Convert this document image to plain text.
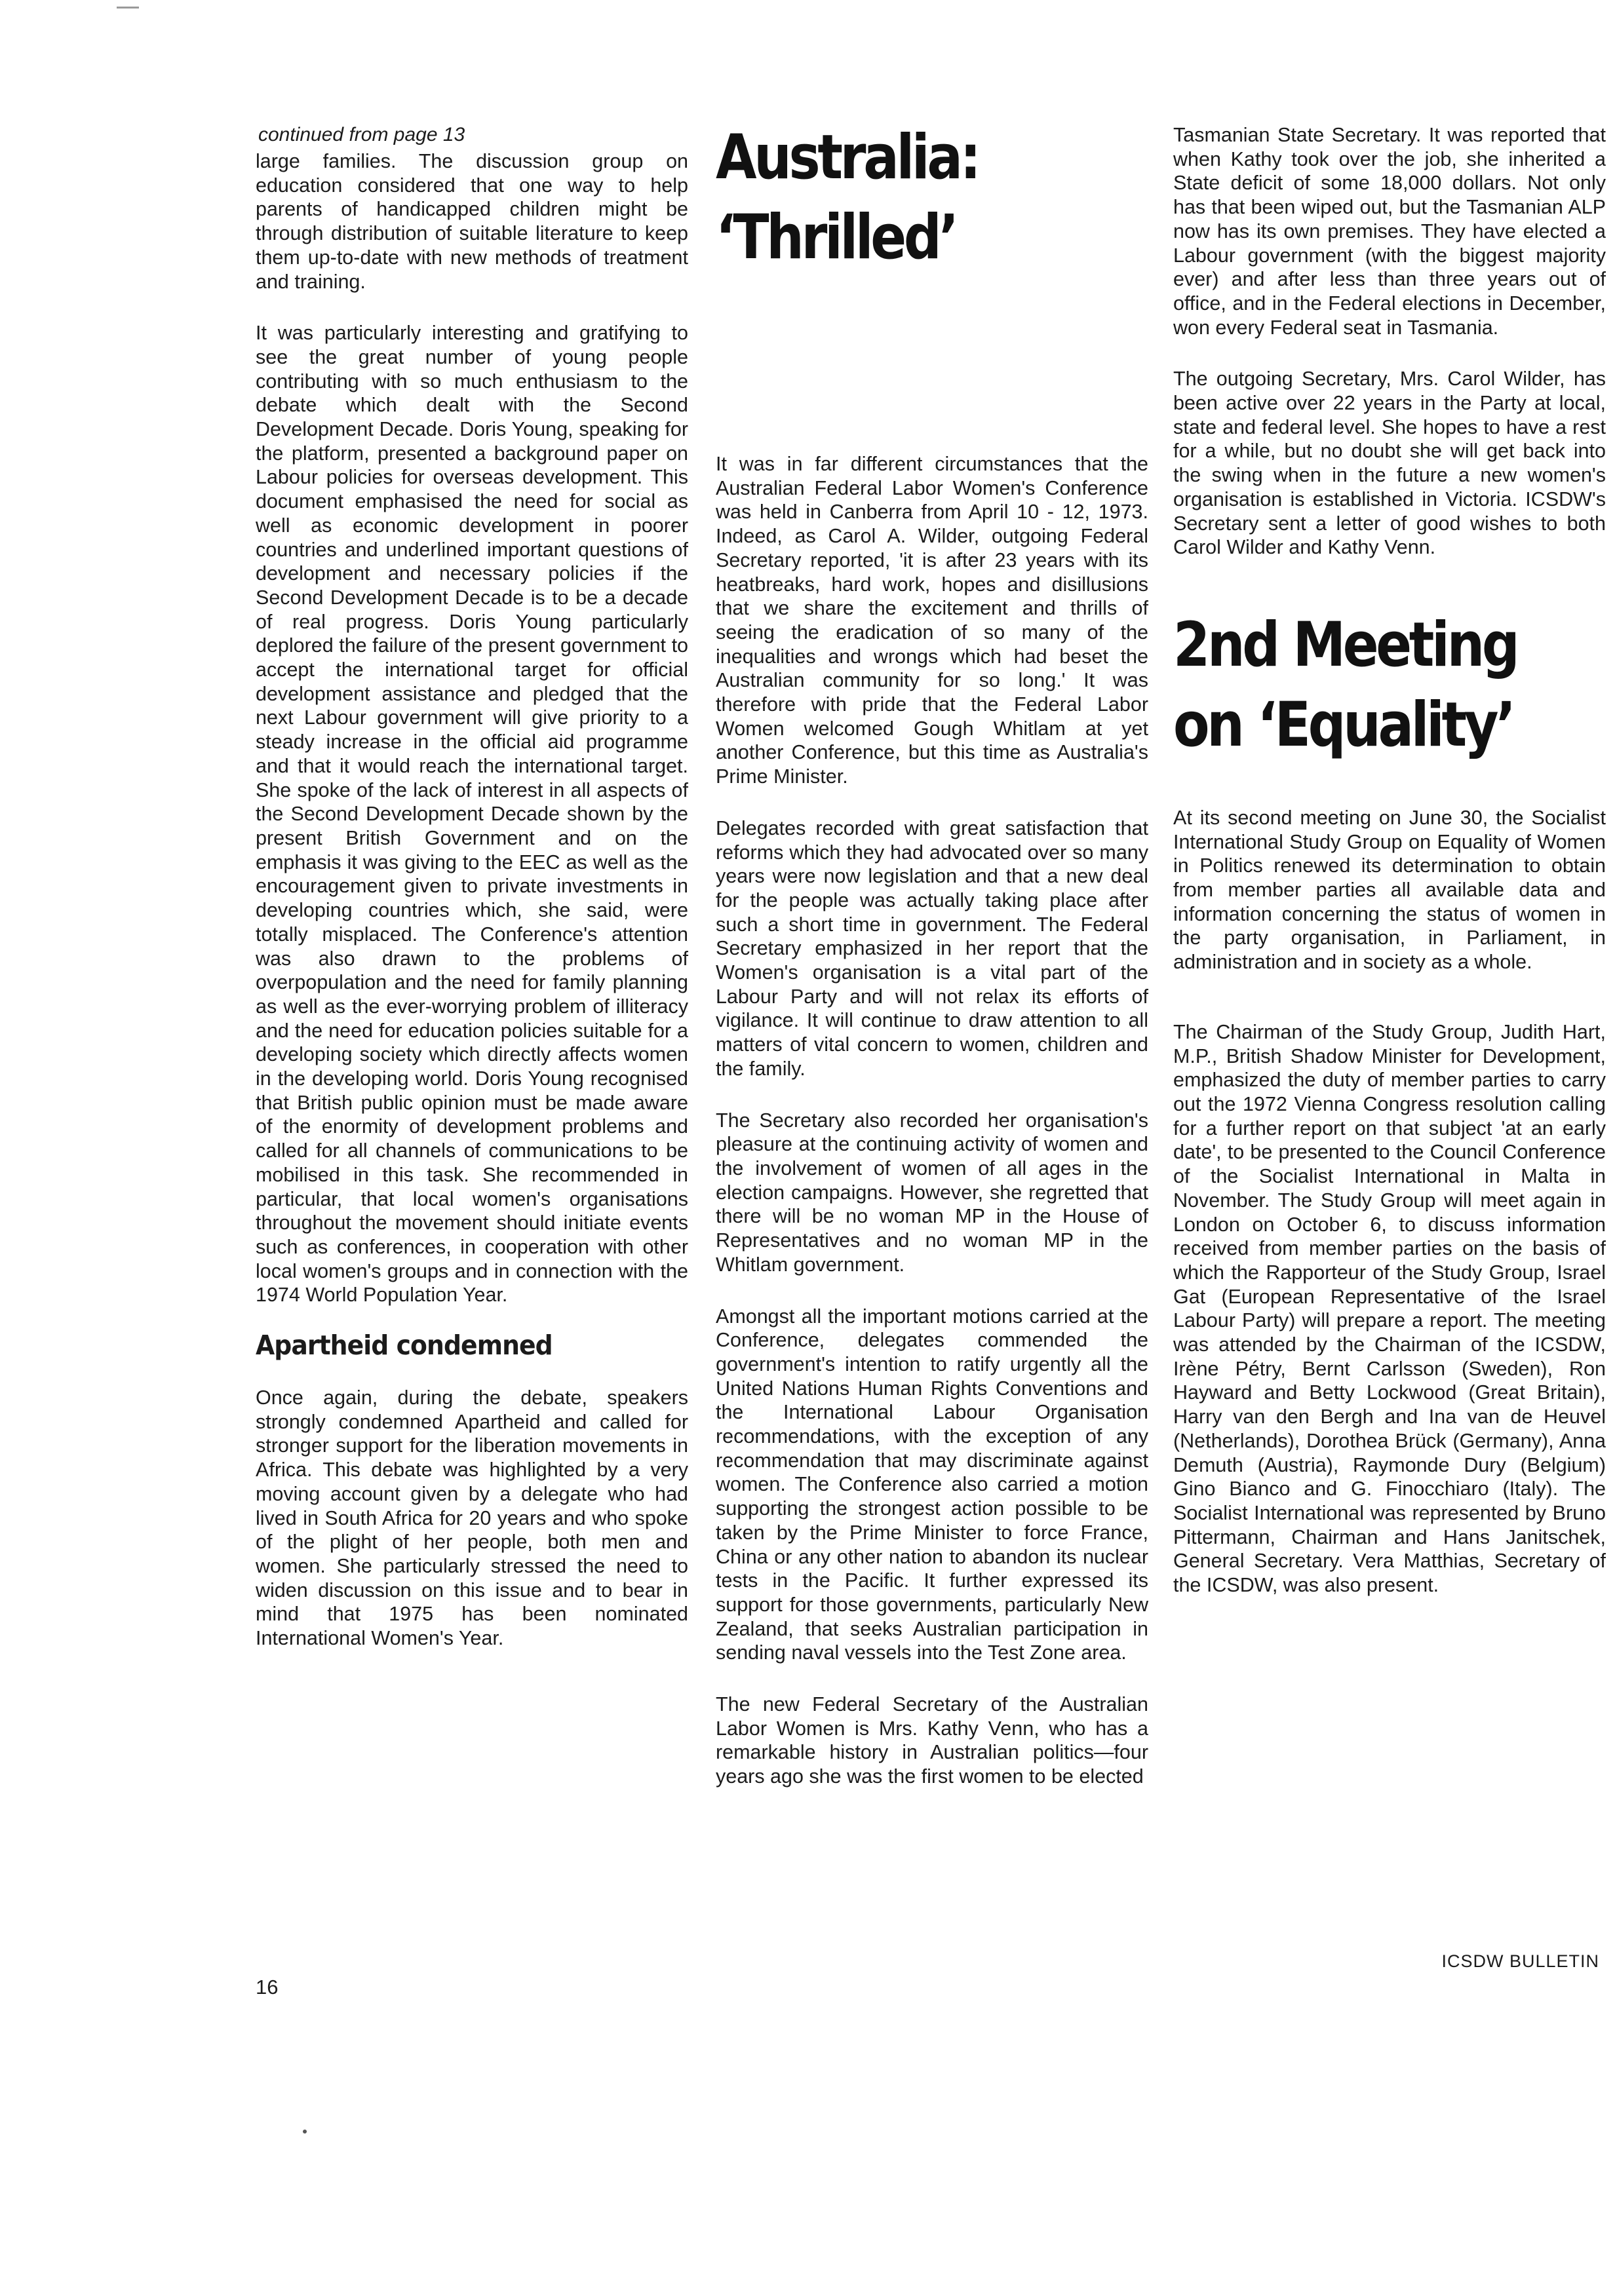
continued from page 13

large families. The discussion group on education considered that one way to help parents of handicapped children might be through distribution of suitable literature to keep them up-to-date with new methods of treatment and training.

It was particularly interesting and gratifying to see the great number of young people contributing with so much enthusiasm to the debate which dealt with the Second Development Decade. Doris Young, speaking for the platform, presented a background paper on Labour policies for overseas development. This document emphasised the need for social as well as economic development in poorer countries and underlined important questions of development and necessary policies if the Second Development Decade is to be a decade of real progress. Doris Young particularly deplored the failure of the present government to accept the international target for official development assistance and pledged that the next Labour government will give priority to a steady increase in the official aid programme and that it would reach the international target. She spoke of the lack of interest in all aspects of the Second Development Decade shown by the present British Government and on the emphasis it was giving to the EEC as well as the encouragement given to private investments in developing countries which, she said, were totally misplaced. The Conference's attention was also drawn to the problems of overpopulation and the need for family planning as well as the ever-worrying problem of illiteracy and the need for education policies suitable for a developing society which directly affects women in the developing world. Doris Young recognised that British public opinion must be made aware of the enormity of development problems and called for all channels of communications to be mobilised in this task. She recommended in particular, that local women's organisations throughout the movement should initiate events such as conferences, in cooperation with other local women's groups and in connection with the 1974 World Population Year.

Apartheid condemned

Once again, during the debate, speakers strongly condemned Apartheid and called for stronger support for the liberation movements in Africa. This debate was highlighted by a very moving account given by a delegate who had lived in South Africa for 20 years and who spoke of the plight of her people, both men and women. She particularly stressed the need to widen discussion on this issue and to bear in mind that 1975 has been nominated International Women's Year.

Australia:
‘Thrilled’

It was in far different circumstances that the Australian Federal Labor Women's Conference was held in Canberra from April 10 - 12, 1973. Indeed, as Carol A. Wilder, outgoing Federal Secretary reported, 'it is after 23 years with its heatbreaks, hard work, hopes and disillusions that we share the excitement and thrills of seeing the eradication of so many of the inequalities and wrongs which had beset the Australian community for so long.' It was therefore with pride that the Federal Labor Women welcomed Gough Whitlam at yet another Conference, but this time as Australia's Prime Minister.

Delegates recorded with great satisfaction that reforms which they had advocated over so many years were now legislation and that a new deal for the people was actually taking place after such a short time in government. The Federal Secretary emphasized in her report that the Women's organisation is a vital part of the Labour Party and will not relax its efforts of vigilance. It will continue to draw attention to all matters of vital concern to women, children and the family.

The Secretary also recorded her organisation's pleasure at the continuing activity of women and the involvement of women of all ages in the election campaigns. However, she regretted that there will be no woman MP in the House of Representatives and no woman MP in the Whitlam government.

Amongst all the important motions carried at the Conference, delegates commended the government's intention to ratify urgently all the United Nations Human Rights Conventions and the International Labour Organisation recommendations, with the exception of any recommendation that may discriminate against women. The Conference also carried a motion supporting the strongest action possible to be taken by the Prime Minister to force France, China or any other nation to abandon its nuclear tests in the Pacific. It further expressed its support for those governments, particularly New Zealand, that seeks Australian participation in sending naval vessels into the Test Zone area.

The new Federal Secretary of the Australian Labor Women is Mrs. Kathy Venn, who has a remarkable history in Australian politics—four years ago she was the first women to be elected

Tasmanian State Secretary. It was reported that when Kathy took over the job, she inherited a State deficit of some 18,000 dollars. Not only has that been wiped out, but the Tasmanian ALP now has its own premises. They have elected a Labour government (with the biggest majority ever) and after less than three years out of office, and in the Federal elections in December, won every Federal seat in Tasmania.

The outgoing Secretary, Mrs. Carol Wilder, has been active over 22 years in the Party at local, state and federal level. She hopes to have a rest for a while, but no doubt she will get back into the swing when in the future a new women's organisation is established in Victoria. ICSDW's Secretary sent a letter of good wishes to both Carol Wilder and Kathy Venn.

2nd Meeting
on ‘Equality’

At its second meeting on June 30, the Socialist International Study Group on Equality of Women in Politics renewed its determination to obtain from member parties all available data and information concerning the status of women in the party organisation, in Parliament, in administration and in society as a whole.

The Chairman of the Study Group, Judith Hart, M.P., British Shadow Minister for Development, emphasized the duty of member parties to carry out the 1972 Vienna Congress resolution calling for a further report on that subject 'at an early date', to be presented to the Council Conference of the Socialist International in Malta in November. The Study Group will meet again in London on October 6, to discuss information received from member parties on the basis of which the Rapporteur of the Study Group, Israel Gat (European Representative of the Israel Labour Party) will prepare a report. The meeting was attended by the Chairman of the ICSDW, Irène Pétry, Bernt Carlsson (Sweden), Ron Hayward and Betty Lockwood (Great Britain), Harry van den Bergh and Ina van de Heuvel (Netherlands), Dorothea Brück (Germany), Anna Demuth (Austria), Raymonde Dury (Belgium) Gino Bianco and G. Finocchiaro (Italy). The Socialist International was represented by Bruno Pittermann, Chairman and Hans Janitschek, General Secretary. Vera Matthias, Secretary of the ICSDW, was also present.

ICSDW BULLETIN
16
